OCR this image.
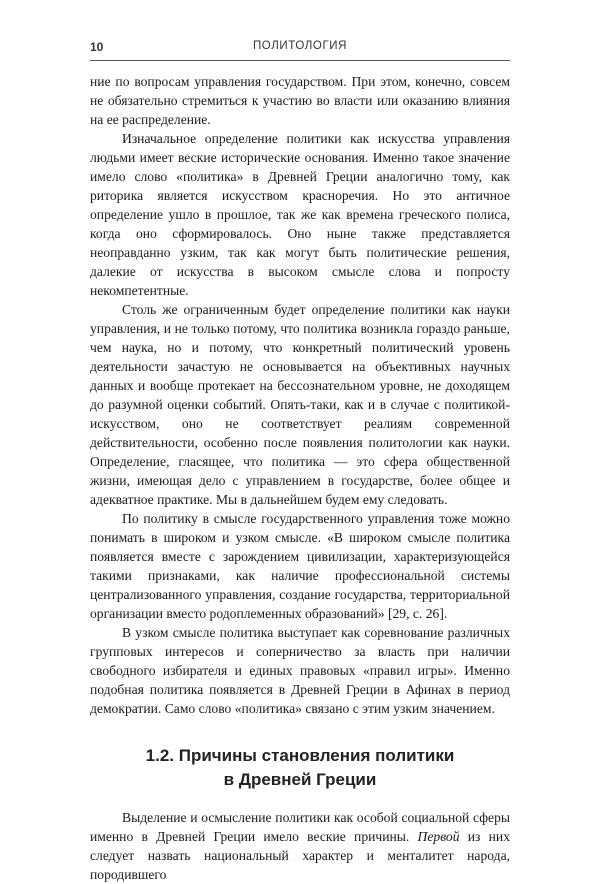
10	ПОЛИТОЛОГИЯ

ние по вопросам управления государством. При этом, конечно, совсем не обязательно стремиться к участию во власти или оказанию влияния на ее распределение.

Изначальное определение политики как искусства управления людьми имеет веские исторические основания. Именно такое значение имело слово «политика» в Древней Греции аналогично тому, как риторика является искусством красноречия. Но это античное определение ушло в прошлое, так же как времена греческого полиса, когда оно сформировалось. Оно ныне также представляется неоправданно узким, так как могут быть политические решения, далекие от искусства в высоком смысле слова и попросту некомпетентные.

Столь же ограниченным будет определение политики как науки управления, и не только потому, что политика возникла гораздо раньше, чем наука, но и потому, что конкретный политический уровень деятельности зачастую не основывается на объективных научных данных и вообще протекает на бессознательном уровне, не доходящем до разумной оценки событий. Опять-таки, как и в случае с политикой-искусством, оно не соответствует реалиям современной действительности, особенно после появления политологии как науки. Определение, гласящее, что политика — это сфера общественной жизни, имеющая дело с управлением в государстве, более общее и адекватное практике. Мы в дальнейшем будем ему следовать.

По политику в смысле государственного управления тоже можно понимать в широком и узком смысле. «В широком смысле политика появляется вместе с зарождением цивилизации, характеризующейся такими признаками, как наличие профессиональной системы централизованного управления, создание государства, территориальной организации вместо родоплеменных образований» [29, с. 26].

В узком смысле политика выступает как соревнование различных групповых интересов и соперничество за власть при наличии свободного избирателя и единых правовых «правил игры». Именно подобная политика появляется в Древней Греции в Афинах в период демократии. Само слово «политика» связано с этим узким значением.

1.2. Причины становления политики
в Древней Греции

Выделение и осмысление политики как особой социальной сферы именно в Древней Греции имело веские причины. Первой из них следует назвать национальный характер и менталитет народа, породившего
